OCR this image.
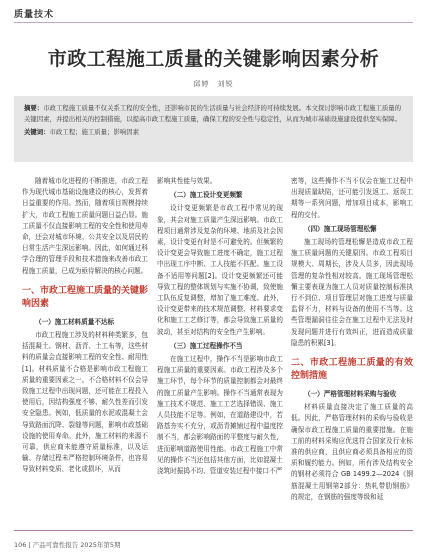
质量技术
市政工程施工质量的关键影响因素分析
邱婷　刘锐

摘要：市政工程施工质量不仅关系工程的安全性，还影响市民的生活质量与社会经济的可持续发展。本文探讨影响市政工程施工质量的关键因素，并提出相关的控制措施，以提高市政工程施工质量，确保工程的安全性与稳定性，从而为城市基础设施建设提供坚实保障。

关键词：市政工程；施工质量；影响因素

随着城市化进程的不断推进，市政工程作为现代城市基础设施建设的核心，发挥着日益重要的作用。然而，随着项目规模持续扩大，市政工程施工质量问题日益凸显。施工质量不仅直接影响工程的安全性和使用寿命，还会对城市环境、公共安全以及居民的日常生活产生深远影响。因此，如何通过科学合理的管理手段和技术措施来改善市政工程施工质量，已成为亟待解决的核心问题。

一、市政工程施工质量的关键影响因素

（一）施工材料质量不达标

市政工程施工涉及的材料种类繁多，包括混凝土、钢材、沥青、土工布等，这些材料的质量会直接影响工程的安全性、耐用性[1]。材料质量不合格是影响市政工程施工质量的重要因素之一。不合格材料不仅会导致施工过程中出现问题，还可能在工程投入使用后，因结构强度不够、耐久性差而引发安全隐患。例如，低质量的水泥或混凝土会导致路面沉降、裂缝等问题，影响市政基础设施的使用寿命。此外，施工材料的来源不可靠，供应商未能遵守质量标准，以及运输、存储过程未严格控制环境条件，也容易导致材料变质、老化或损坏，从而

影响其性能与效果。

（二）施工设计变更频繁

设计变更频繁是市政工程中常见的现象，其会对施工质量产生深远影响。市政工程项目通常涉及复杂的环境、地质及社会因素，设计变更有时是不可避免的。但频繁的设计变更会导致施工进度不确定，施工过程中出现工序中断、工人技能不匹配、施工设备不适用等问题[2]。设计变更频繁还可能导致工程的整体规划与实施不协调，致使施工队伍反复调整，增加了施工难度。此外，设计变更带来的技术规范调整、材料要求变化和施工工艺修订等，都会导致施工质量的波动，甚至对结构的安全性产生影响。

（三）施工过程操作不当

在施工过程中，操作不当是影响市政工程施工质量的重要因素。市政工程涉及多个施工环节，每个环节的质量控制都会对最终的施工质量产生影响。操作不当通常表现为施工技术不规范、施工工艺选择错误、施工人员技能不足等。例如，在道路建设中，若路基夯实不充分，或沥青摊铺过程中温度控制不当，都会影响路面的平整度与耐久性，进而影响道路使用性能。市政工程施工中常见的操作不当还包括其他方面，比如混凝土浇筑时振捣不均、管道安装过程中接口不严

密等，这些操作不当不仅会在施工过程中出现质量缺陷，还可能引发返工、返误工期等一系列问题，增加项目成本，影响工程的交付。

（四）施工现场管理松懈

施工现场的管理松懈是造成市政工程施工质量问题的关键原因。市政工程项目规模大、周期长，涉及人员多，因此现场管理的复杂性相对较高。施工现场管理松懈主要表现为施工人员对质量控制标准执行不到位、项目管理层对施工进度与质量监督不力，材料与设备的使用不当等。这些管理漏洞往往会在施工过程中无法及时发现问题并进行有效纠正，进而造成质量隐患的积累[3]。

二、市政工程施工质量的有效控制措施

（一）严格管理材料采购与验收

材料质量直接决定了施工质量的高低。因此，严格管理材料的采购与验收是确保市政工程施工质量的重要措施。在施工前的材料采购应优选符合国家及行业标准的供应商，且供应商必须具备相应的资质和履约能力。例如，所有涉及结构安全的钢材必须符合 GB 1499.2—2024《钢筋混凝土用钢第2部分：热轧带肋钢筋》的规定，在钢筋的强度等级和延

106 | 产品可靠性报告 2025年第5期
